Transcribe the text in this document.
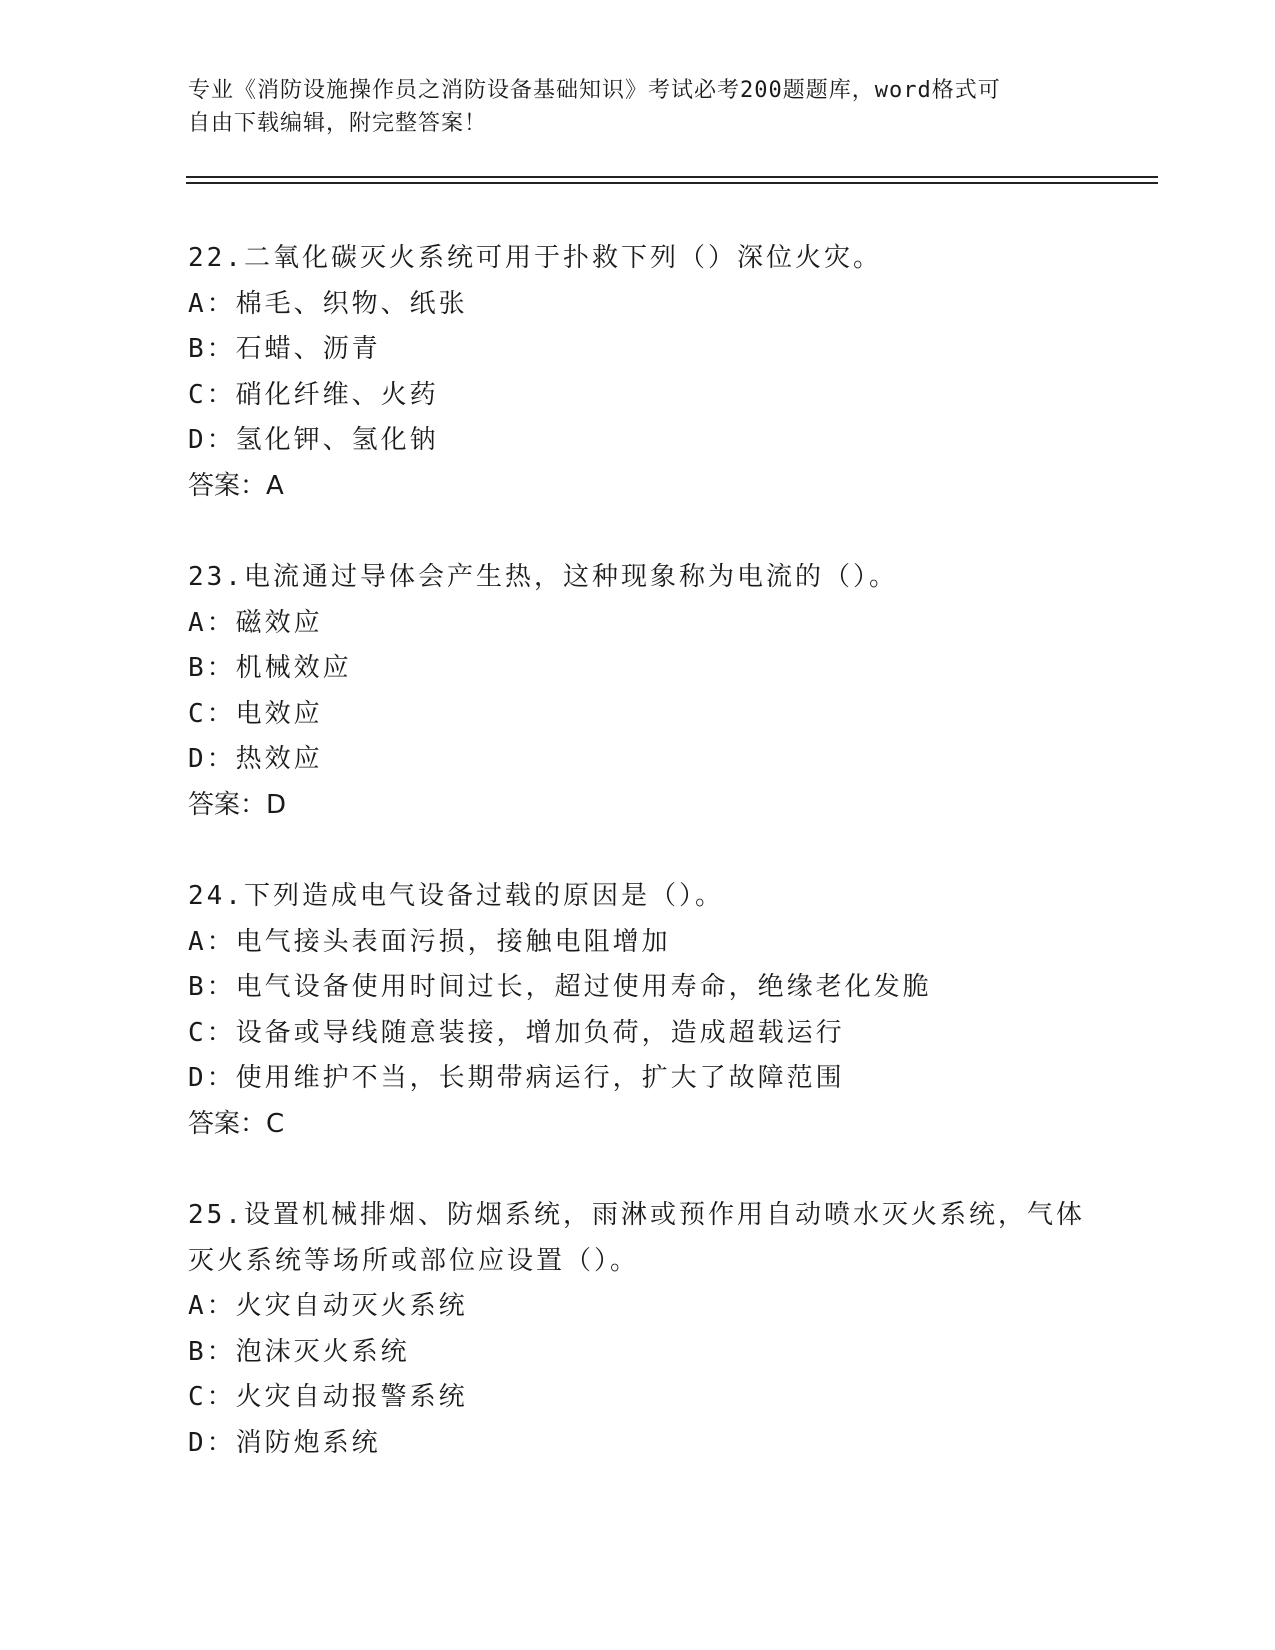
专业《消防设施操作员之消防设备基础知识》考试必考200题题库，word格式可
自由下载编辑，附完整答案！
22.二氧化碳灭火系统可用于扑救下列（）深位火灾。
A：棉毛、织物、纸张
B：石蜡、沥青
C：硝化纤维、火药
D：氢化钾、氢化钠
答案：A
23.电流通过导体会产生热，这种现象称为电流的（）。
A：磁效应
B：机械效应
C：电效应
D：热效应
答案：D
24.下列造成电气设备过载的原因是（）。
A：电气接头表面污损，接触电阻增加
B：电气设备使用时间过长，超过使用寿命，绝缘老化发脆
C：设备或导线随意装接，增加负荷，造成超载运行
D：使用维护不当，长期带病运行，扩大了故障范围
答案：C
25.设置机械排烟、防烟系统，雨淋或预作用自动喷水灭火系统，气体
灭火系统等场所或部位应设置（）。
A：火灾自动灭火系统
B：泡沫灭火系统
C：火灾自动报警系统
D：消防炮系统
